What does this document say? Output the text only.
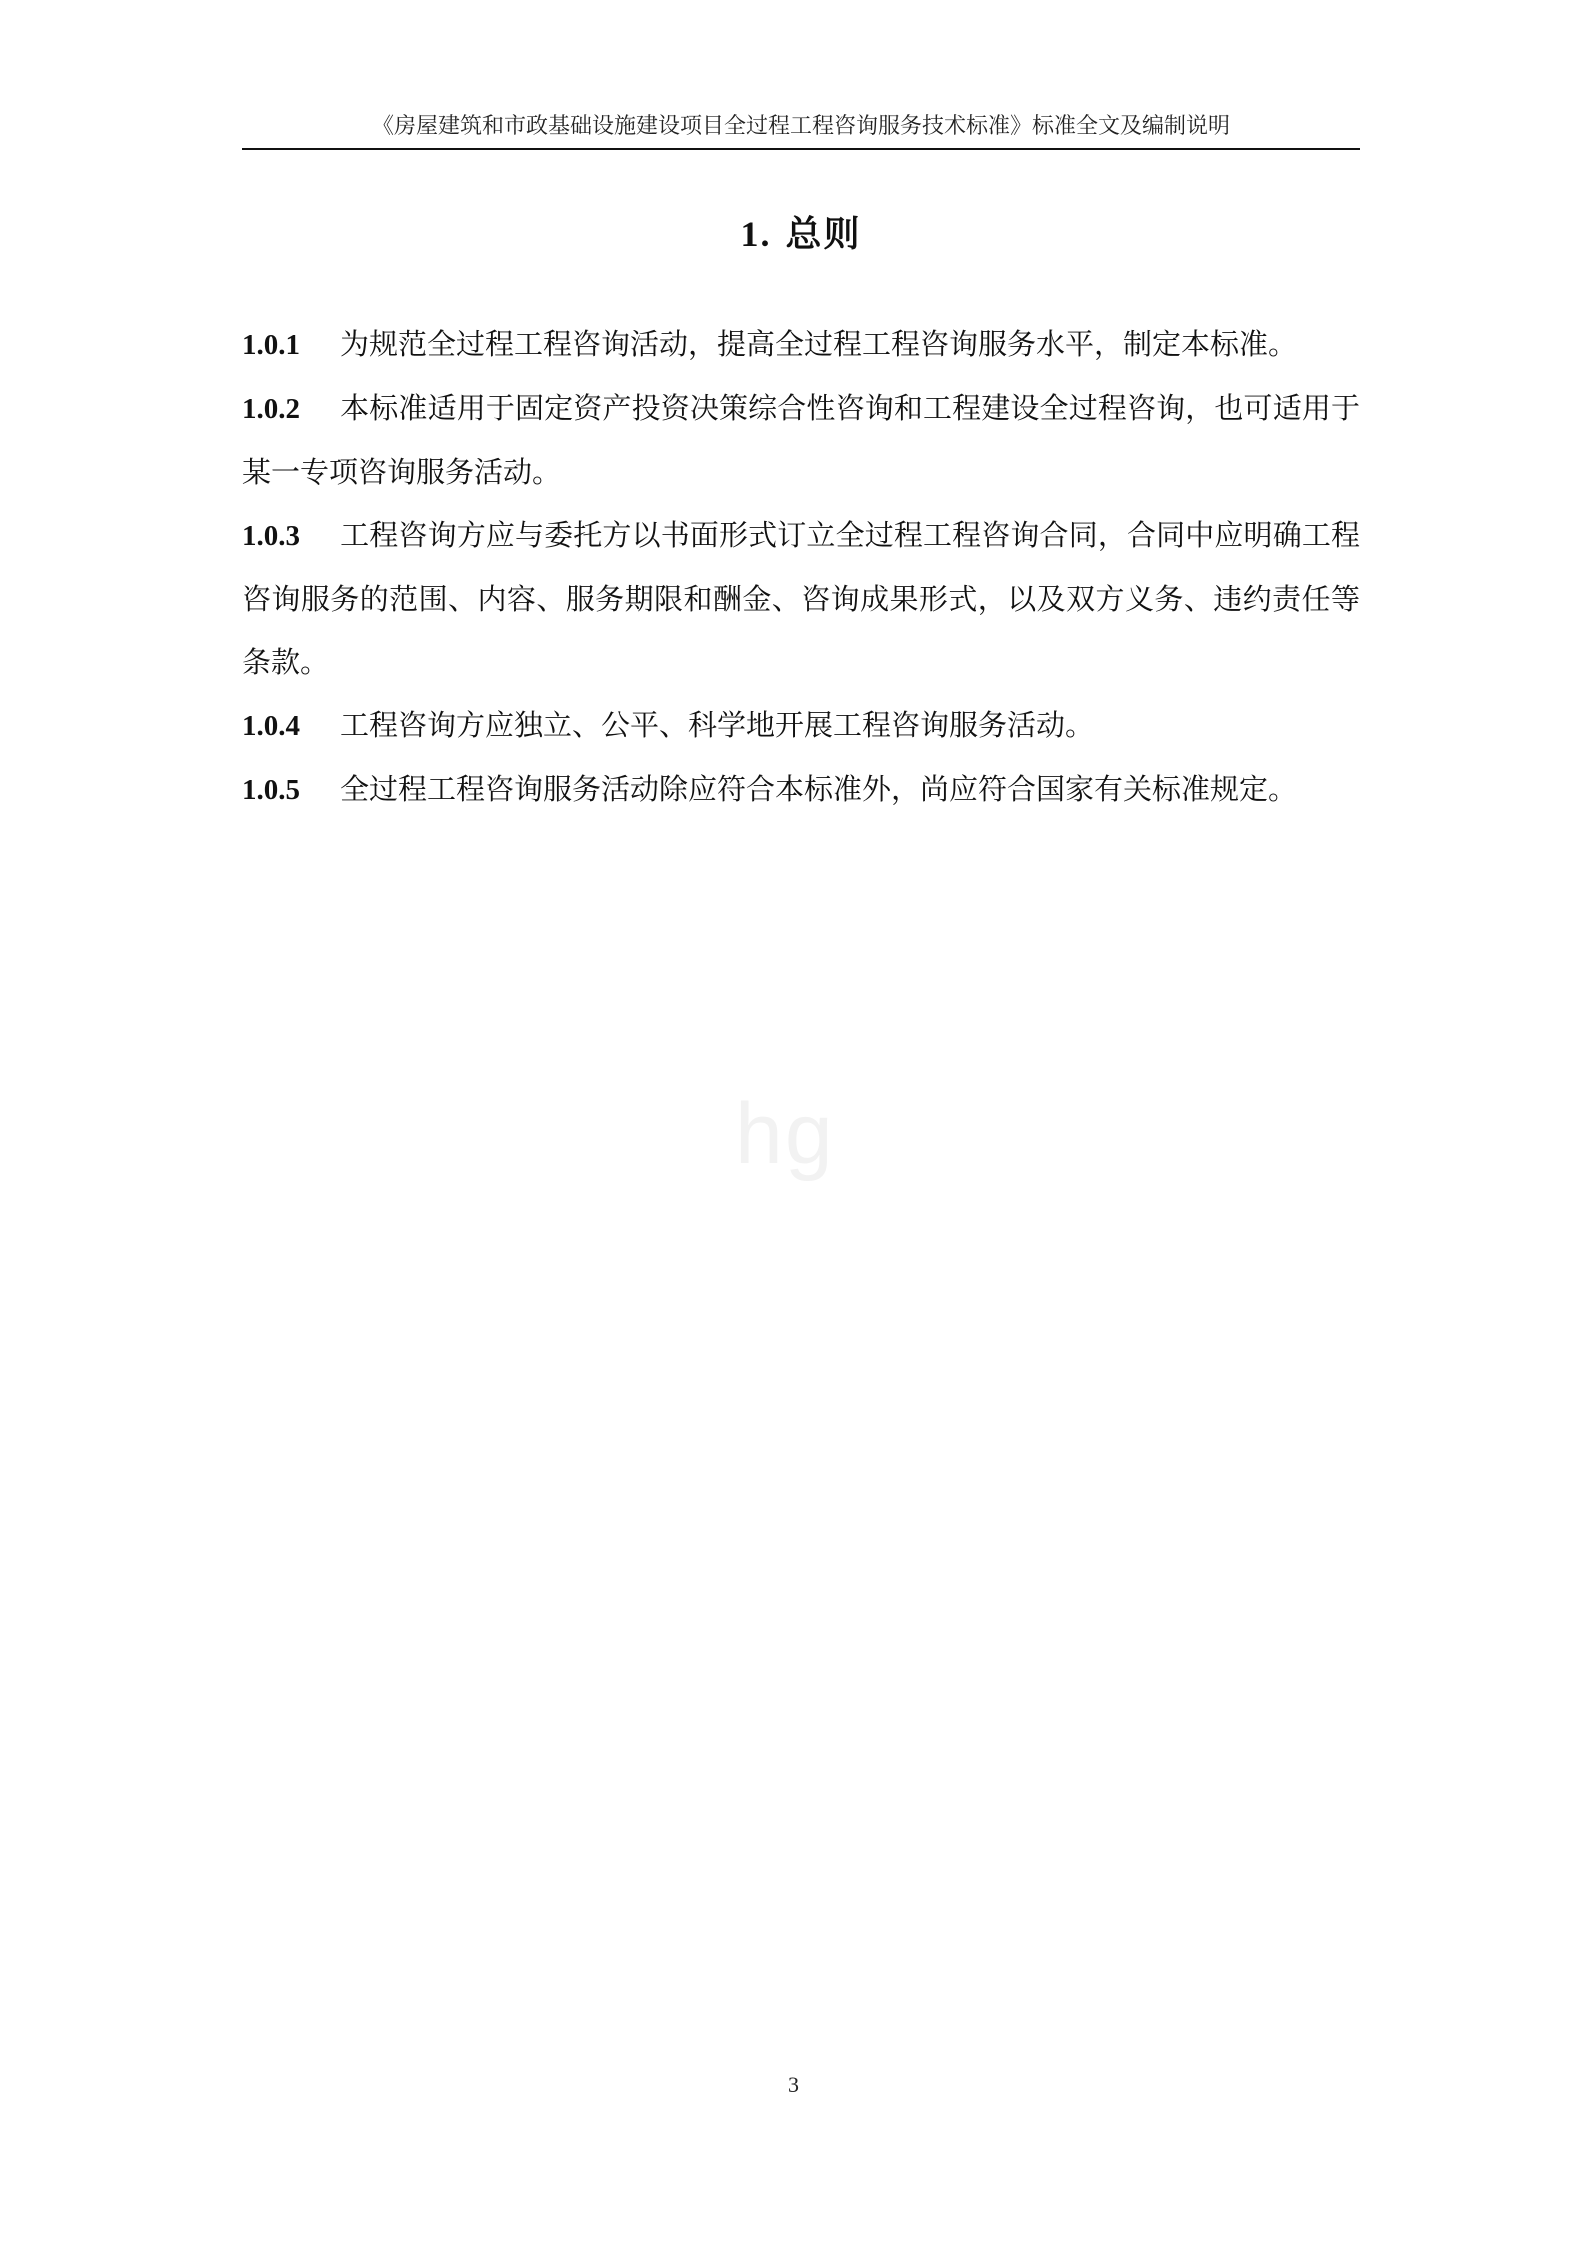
《房屋建筑和市政基础设施建设项目全过程工程咨询服务技术标准》标准全文及编制说明
1. 总则
1.0.1 为规范全过程工程咨询活动，提高全过程工程咨询服务水平，制定本标准。
1.0.2 本标准适用于固定资产投资决策综合性咨询和工程建设全过程咨询，也可适用于某一专项咨询服务活动。
1.0.3 工程咨询方应与委托方以书面形式订立全过程工程咨询合同，合同中应明确工程咨询服务的范围、内容、服务期限和酬金、咨询成果形式，以及双方义务、违约责任等条款。
1.0.4 工程咨询方应独立、公平、科学地开展工程咨询服务活动。
1.0.5 全过程工程咨询服务活动除应符合本标准外，尚应符合国家有关标准规定。
hg
3
